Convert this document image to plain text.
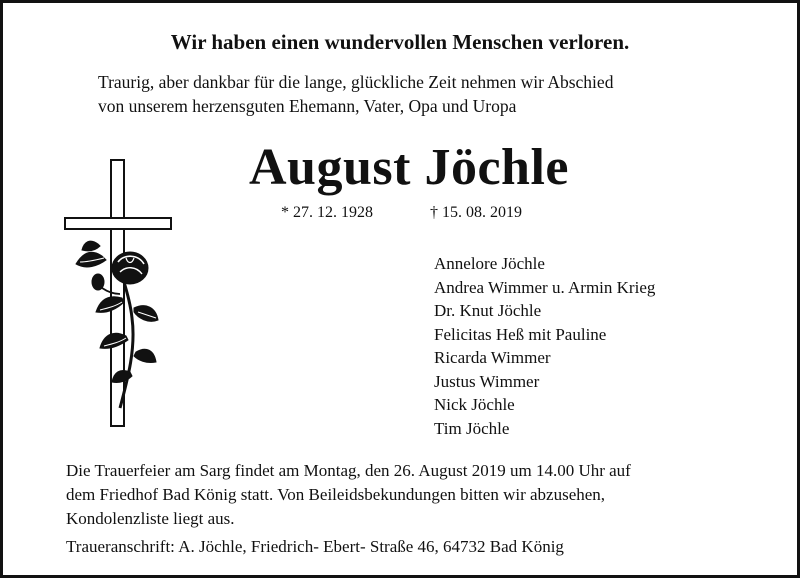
Wir haben einen wundervollen Menschen verloren.
Traurig, aber dankbar für die lange, glückliche Zeit nehmen wir Abschied
von unserem herzensguten Ehemann, Vater, Opa und Uropa
August Jöchle
* 27. 12. 1928	† 15. 08. 2019
Annelore Jöchle
Andrea Wimmer u. Armin Krieg
Dr. Knut Jöchle
Felicitas Heß mit Pauline
Ricarda Wimmer
Justus Wimmer
Nick Jöchle
Tim Jöchle
Die Trauerfeier am Sarg findet am Montag, den 26. August 2019 um 14.00 Uhr auf
dem Friedhof Bad König statt. Von Beileidsbekundungen bitten wir abzusehen,
Kondolenzliste liegt aus.
Traueranschrift: A. Jöchle, Friedrich- Ebert- Straße 46, 64732 Bad König
